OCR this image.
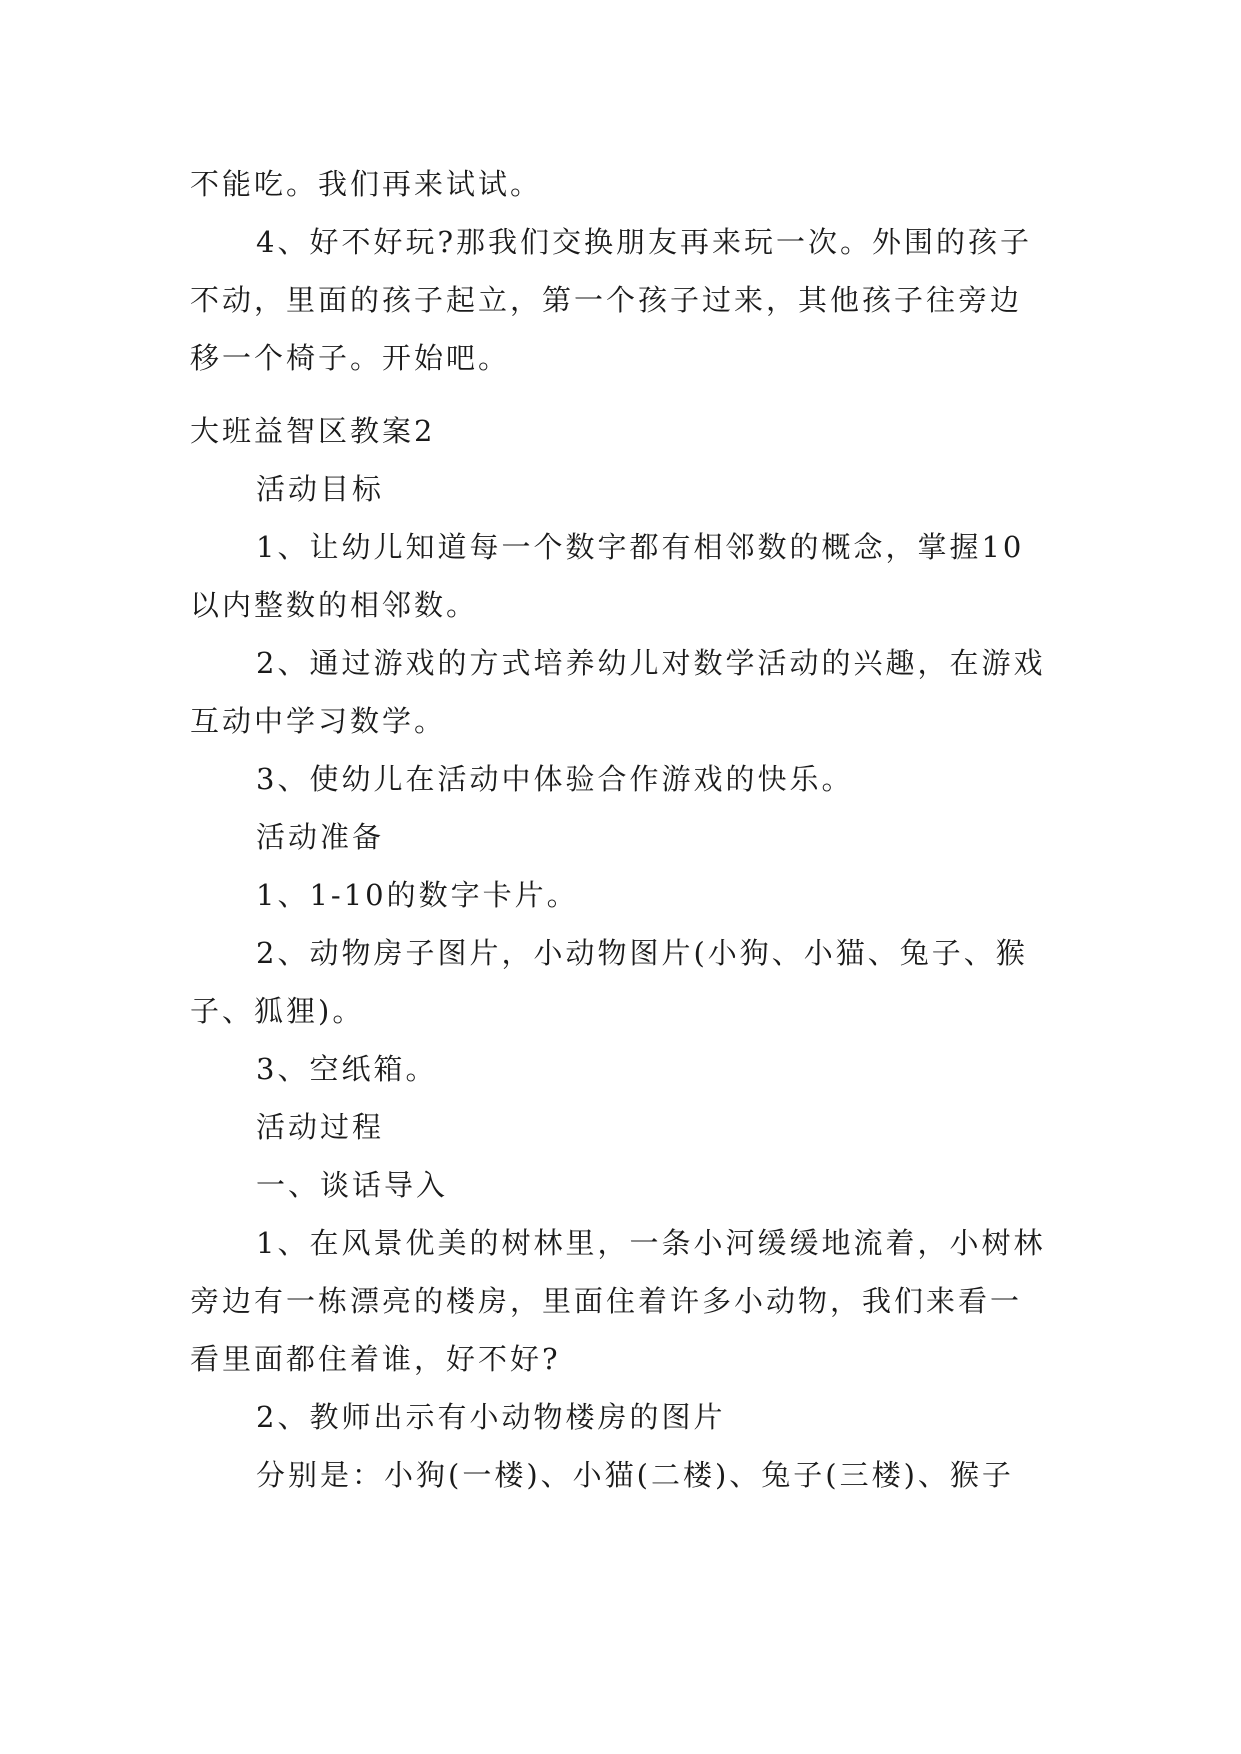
不能吃。我们再来试试。

4、好不好玩?那我们交换朋友再来玩一次。外围的孩子不动，里面的孩子起立，第一个孩子过来，其他孩子往旁边移一个椅子。开始吧。

大班益智区教案2

活动目标

1、让幼儿知道每一个数字都有相邻数的概念，掌握10以内整数的相邻数。

2、通过游戏的方式培养幼儿对数学活动的兴趣，在游戏互动中学习数学。

3、使幼儿在活动中体验合作游戏的快乐。

活动准备

1、1-10的数字卡片。

2、动物房子图片，小动物图片(小狗、小猫、兔子、猴子、狐狸)。

3、空纸箱。

活动过程

一、谈话导入

1、在风景优美的树林里，一条小河缓缓地流着，小树林旁边有一栋漂亮的楼房，里面住着许多小动物，我们来看一看里面都住着谁，好不好?

2、教师出示有小动物楼房的图片

分别是：小狗(一楼)、小猫(二楼)、兔子(三楼)、猴子
